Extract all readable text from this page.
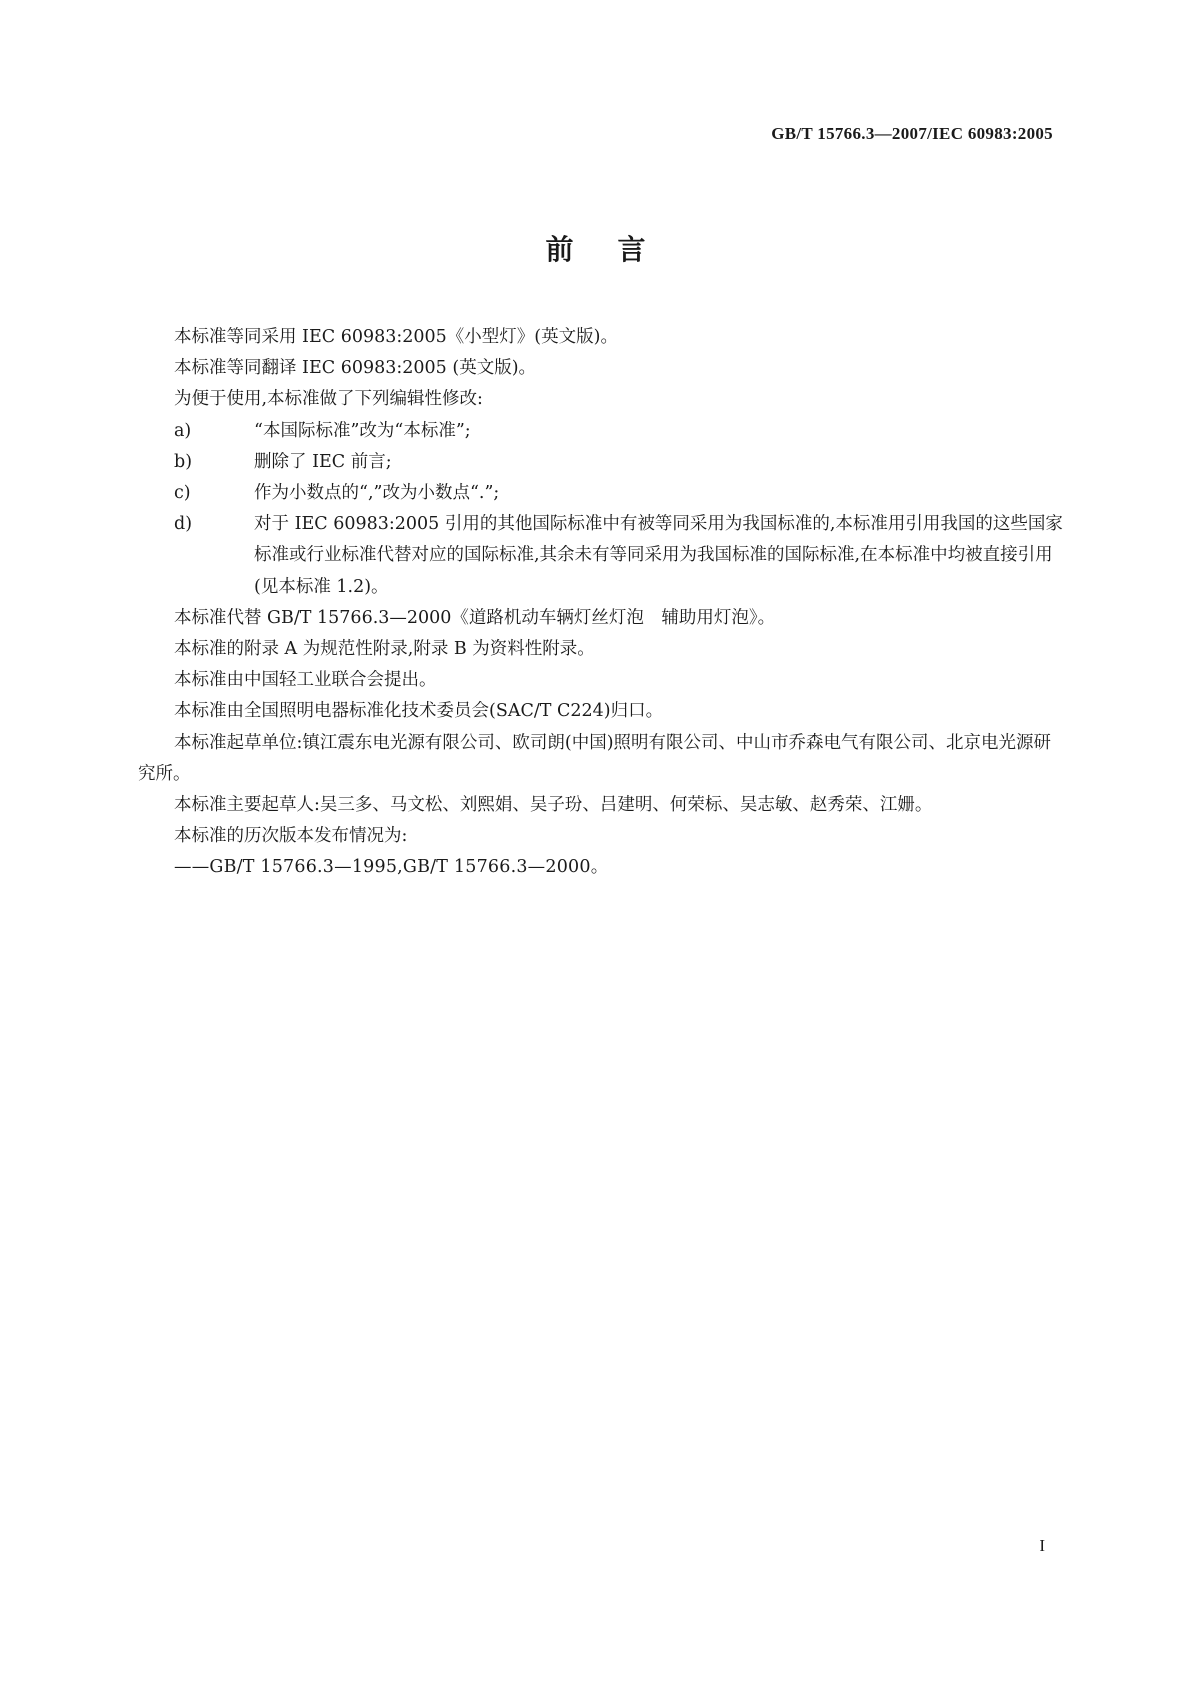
GB/T 15766.3—2007/IEC 60983:2005
前言

本标准等同采用 IEC 60983:2005《小型灯》(英文版)。

本标准等同翻译 IEC 60983:2005 (英文版)。

为便于使用,本标准做了下列编辑性修改:

a)	“本国际标准”改为“本标准”;
b)	删除了 IEC 前言;
c)	作为小数点的“,”改为小数点“.”;
d)	对于 IEC 60983:2005 引用的其他国际标准中有被等同采用为我国标准的,本标准用引用我国的这些国家标准或行业标准代替对应的国际标准,其余未有等同采用为我国标准的国际标准,在本标准中均被直接引用(见本标准 1.2)。

本标准代替 GB/T 15766.3—2000《道路机动车辆灯丝灯泡　辅助用灯泡》。

本标准的附录 A 为规范性附录,附录 B 为资料性附录。

本标准由中国轻工业联合会提出。

本标准由全国照明电器标准化技术委员会(SAC/T C224)归口。

本标准起草单位:镇江震东电光源有限公司、欧司朗(中国)照明有限公司、中山市乔森电气有限公司、北京电光源研究所。

本标准主要起草人:吴三多、马文松、刘熙娟、吴子玢、吕建明、何荣标、吴志敏、赵秀荣、江姗。

本标准的历次版本发布情况为:

——GB/T 15766.3—1995,GB/T 15766.3—2000。

I
